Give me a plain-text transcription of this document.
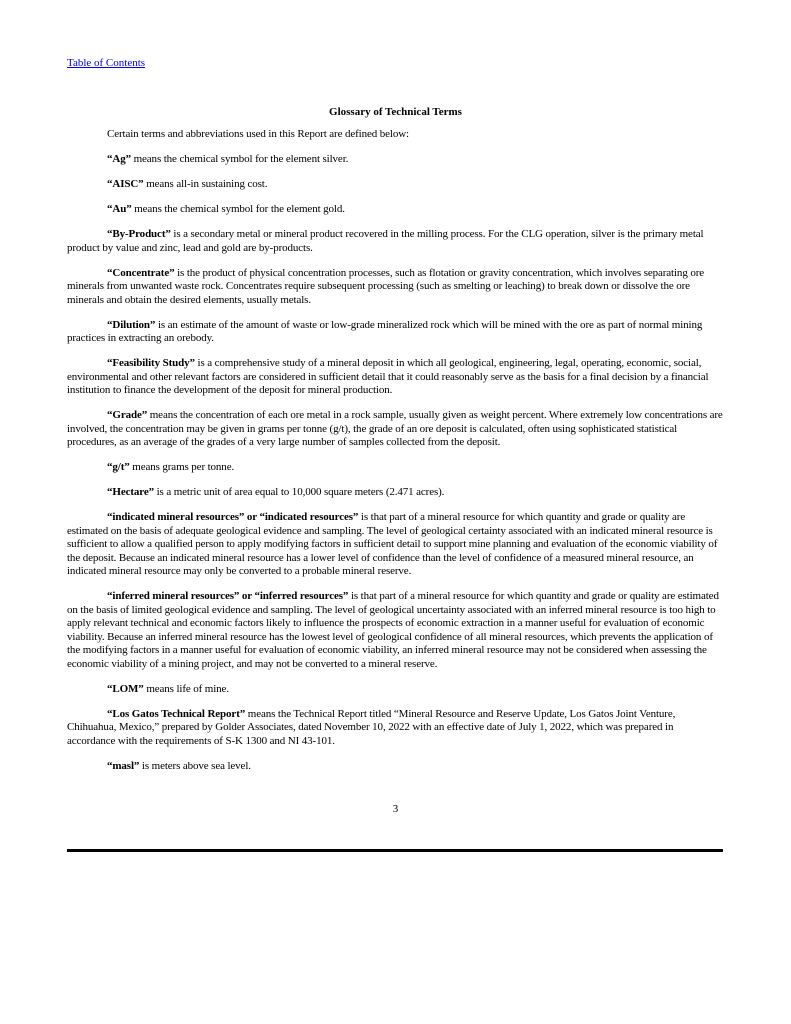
Table of Contents
Glossary of Technical Terms

Certain terms and abbreviations used in this Report are defined below:

“Ag” means the chemical symbol for the element silver.

“AISC” means all-in sustaining cost.

“Au” means the chemical symbol for the element gold.

“By-Product” is a secondary metal or mineral product recovered in the milling process. For the CLG operation, silver is the primary metal product by value and zinc, lead and gold are by-products.

“Concentrate” is the product of physical concentration processes, such as flotation or gravity concentration, which involves separating ore minerals from unwanted waste rock. Concentrates require subsequent processing (such as smelting or leaching) to break down or dissolve the ore minerals and obtain the desired elements, usually metals.

“Dilution” is an estimate of the amount of waste or low-grade mineralized rock which will be mined with the ore as part of normal mining practices in extracting an orebody.

“Feasibility Study” is a comprehensive study of a mineral deposit in which all geological, engineering, legal, operating, economic, social, environmental and other relevant factors are considered in sufficient detail that it could reasonably serve as the basis for a final decision by a financial institution to finance the development of the deposit for mineral production.

“Grade” means the concentration of each ore metal in a rock sample, usually given as weight percent. Where extremely low concentrations are involved, the concentration may be given in grams per tonne (g/t), the grade of an ore deposit is calculated, often using sophisticated statistical procedures, as an average of the grades of a very large number of samples collected from the deposit.

“g/t” means grams per tonne.

“Hectare” is a metric unit of area equal to 10,000 square meters (2.471 acres).

“indicated mineral resources” or “indicated resources” is that part of a mineral resource for which quantity and grade or quality are estimated on the basis of adequate geological evidence and sampling. The level of geological certainty associated with an indicated mineral resource is sufficient to allow a qualified person to apply modifying factors in sufficient detail to support mine planning and evaluation of the economic viability of the deposit. Because an indicated mineral resource has a lower level of confidence than the level of confidence of a measured mineral resource, an indicated mineral resource may only be converted to a probable mineral reserve.

“inferred mineral resources” or “inferred resources” is that part of a mineral resource for which quantity and grade or quality are estimated on the basis of limited geological evidence and sampling. The level of geological uncertainty associated with an inferred mineral resource is too high to apply relevant technical and economic factors likely to influence the prospects of economic extraction in a manner useful for evaluation of economic viability. Because an inferred mineral resource has the lowest level of geological confidence of all mineral resources, which prevents the application of the modifying factors in a manner useful for evaluation of economic viability, an inferred mineral resource may not be considered when assessing the economic viability of a mining project, and may not be converted to a mineral reserve.

“LOM” means life of mine.

“Los Gatos Technical Report” means the Technical Report titled “Mineral Resource and Reserve Update, Los Gatos Joint Venture, Chihuahua, Mexico,” prepared by Golder Associates, dated November 10, 2022 with an effective date of July 1, 2022, which was prepared in accordance with the requirements of S-K 1300 and NI 43-101.

“masl” is meters above sea level.

3
